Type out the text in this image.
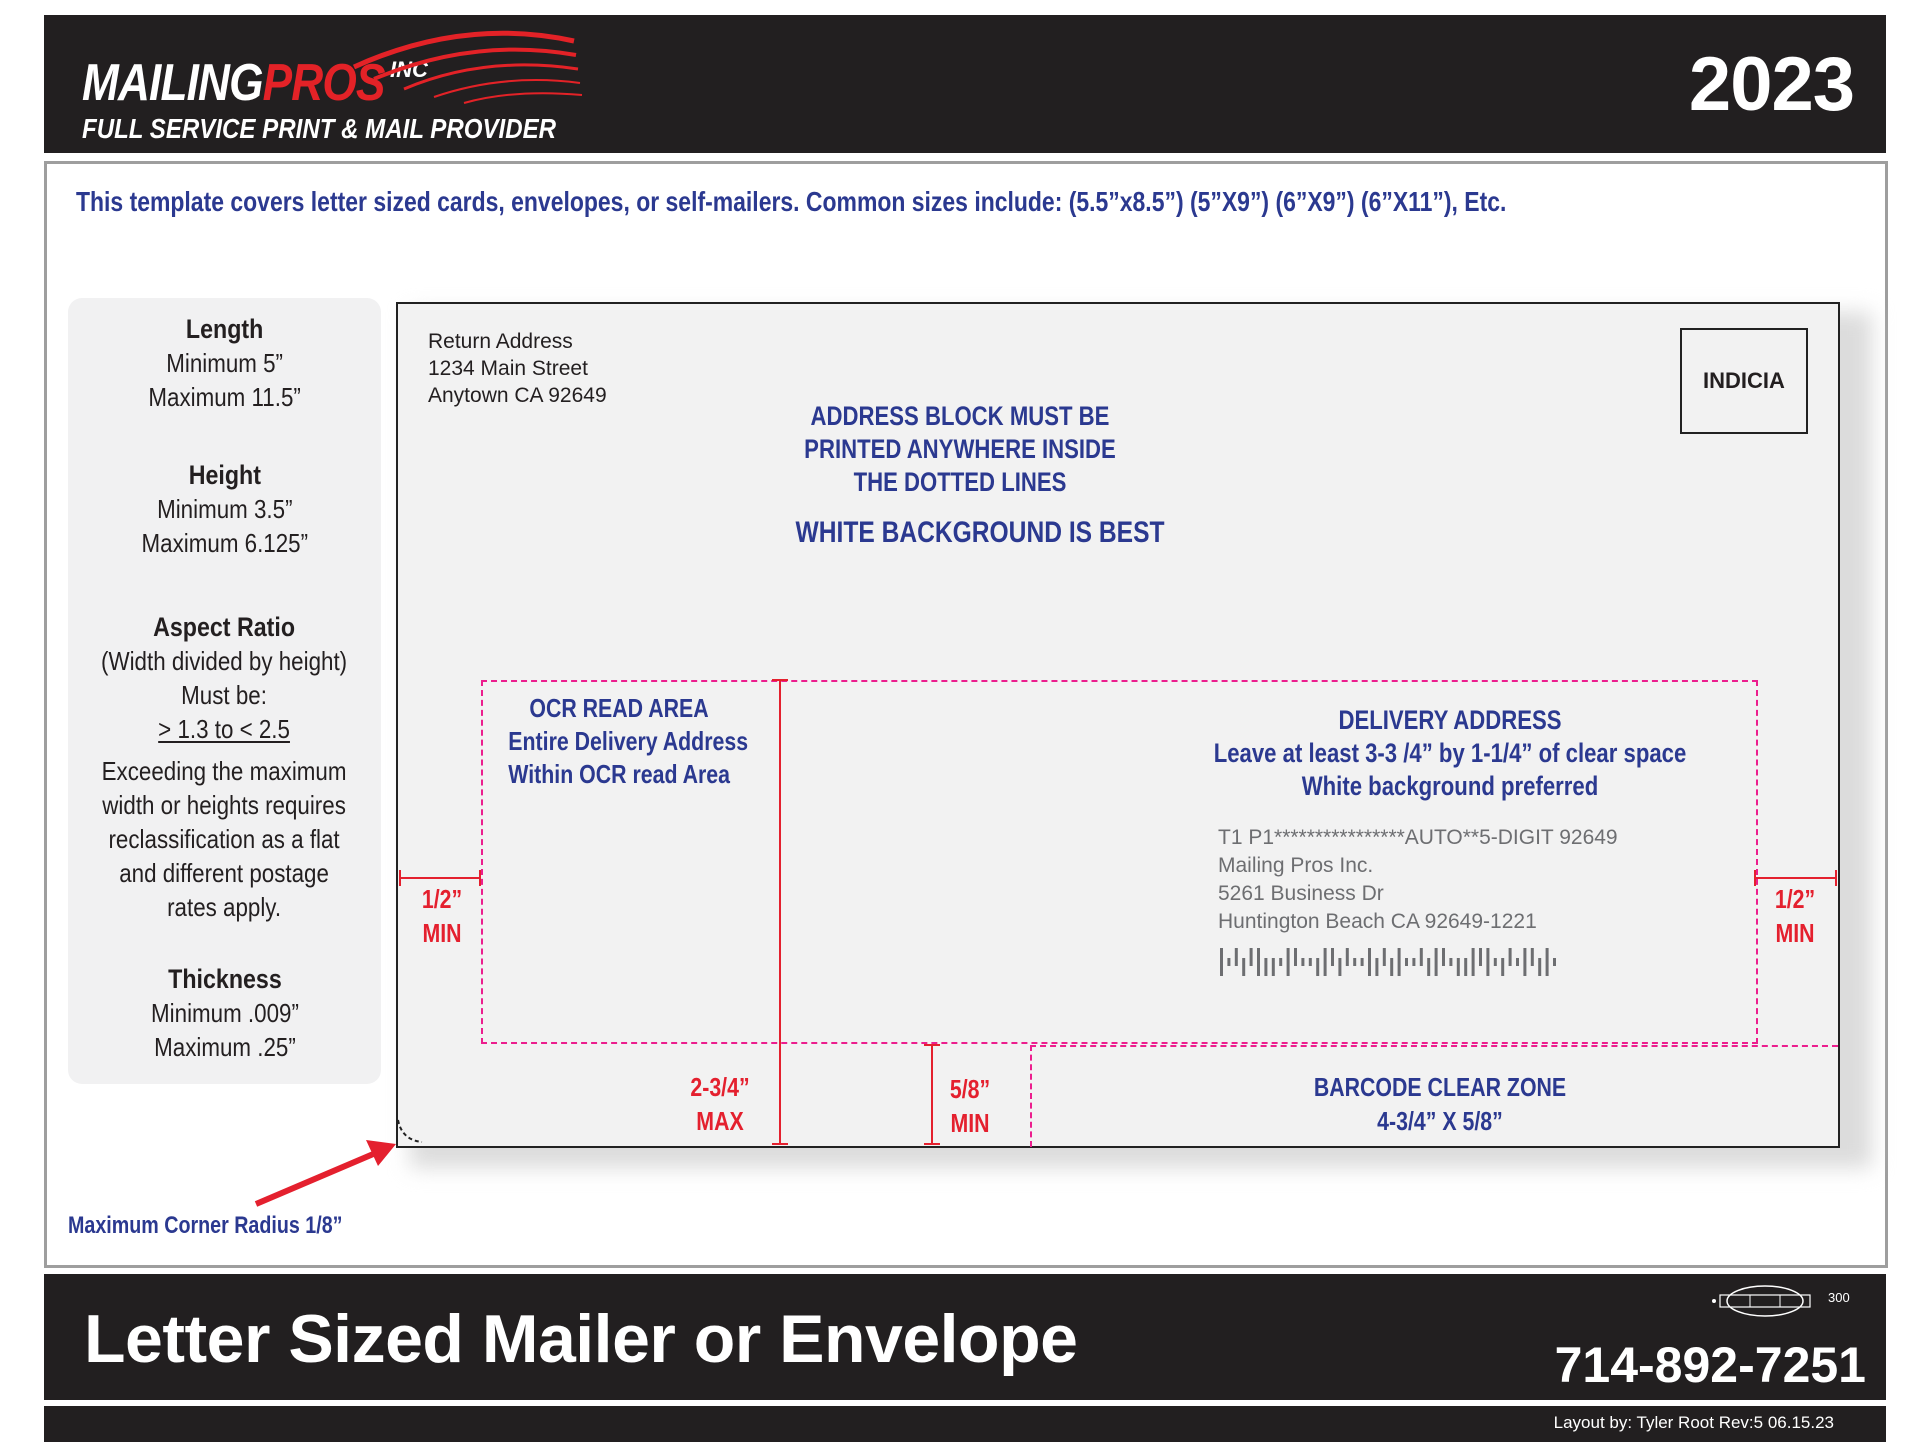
MAILINGPROS INC
FULL SERVICE PRINT & MAIL PROVIDER
2023
This template covers letter sized cards, envelopes, or self-mailers. Common sizes include: (5.5”x8.5”) (5”X9”) (6”X9”) (6”X11”), Etc.
Length
Minimum 5”
Maximum 11.5”
Height
Minimum 3.5”
Maximum 6.125”
Aspect Ratio
(Width divided by height)
Must be:
> 1.3 to < 2.5
Exceeding the maximum
width or heights requires
reclassification as a flat
and different postage
rates apply.
Thickness
Minimum .009”
Maximum .25”
Return Address
1234 Main Street
Anytown CA 92649
INDICIA
ADDRESS BLOCK MUST BE
PRINTED ANYWHERE INSIDE
THE DOTTED LINES
WHITE BACKGROUND IS BEST
OCR READ AREA
Entire Delivery Address
Within OCR read Area
DELIVERY ADDRESS
Leave at least 3-3 /4” by 1-1/4” of clear space
White background preferred
T1 P1****************AUTO**5-DIGIT 92649
Mailing Pros Inc.
5261 Business Dr
Huntington Beach CA 92649-1221
BARCODE CLEAR ZONE
4-3/4” X 5/8”
1/2”
MIN
1/2”
MIN
2-3/4”
MAX
5/8”
MIN
Maximum Corner Radius 1/8”
Letter Sized Mailer or Envelope
300
714-892-7251
Layout by: Tyler Root Rev:5 06.15.23
